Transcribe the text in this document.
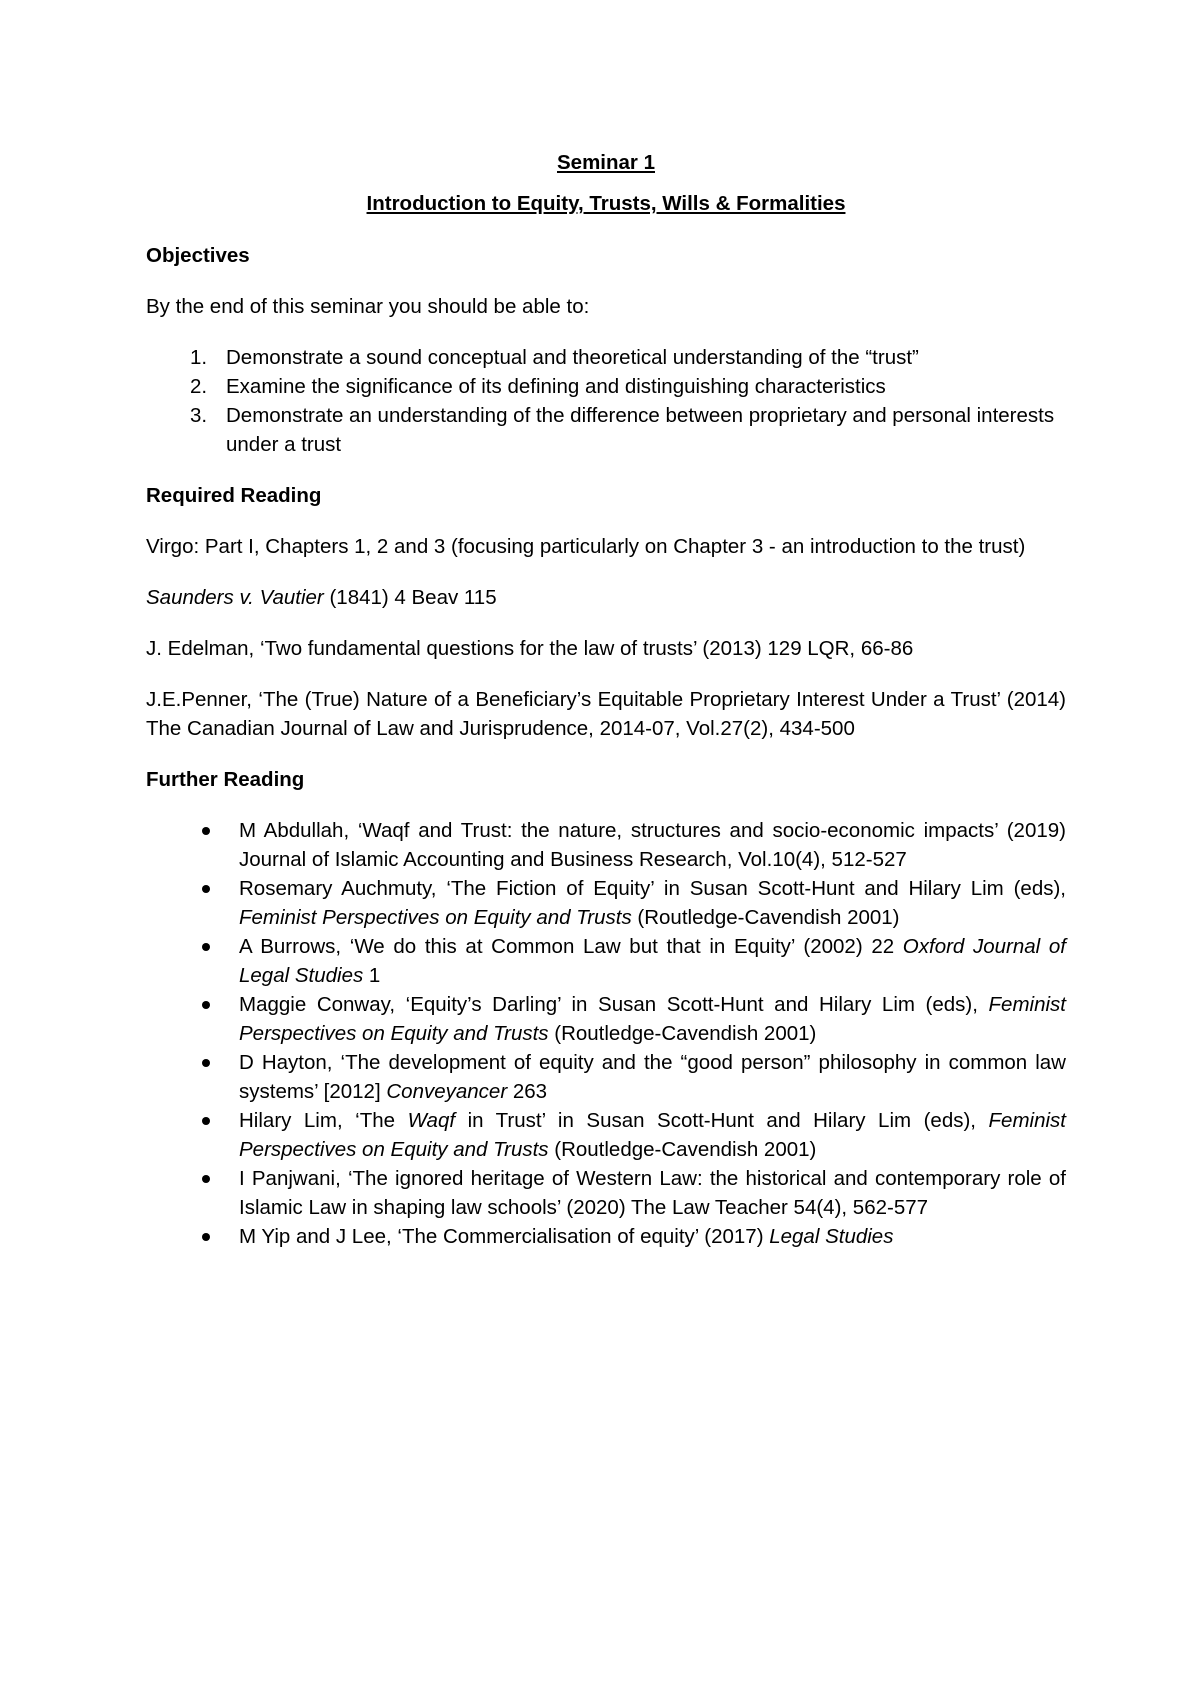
Seminar 1

Introduction to Equity, Trusts, Wills & Formalities

Objectives

By the end of this seminar you should be able to:

1. Demonstrate a sound conceptual and theoretical understanding of the “trust”
2. Examine the significance of its defining and distinguishing characteristics
3. Demonstrate an understanding of the difference between proprietary and personal interests under a trust

Required Reading

Virgo: Part I, Chapters 1, 2 and 3 (focusing particularly on Chapter 3 - an introduction to the trust)

Saunders v. Vautier (1841) 4 Beav 115

J. Edelman, ‘Two fundamental questions for the law of trusts’ (2013) 129 LQR, 66-86

J.E.Penner, ‘The (True) Nature of a Beneficiary’s Equitable Proprietary Interest Under a Trust’ (2014) The Canadian Journal of Law and Jurisprudence, 2014-07, Vol.27(2), 434-500

Further Reading

M Abdullah, ‘Waqf and Trust: the nature, structures and socio-economic impacts’ (2019) Journal of Islamic Accounting and Business Research, Vol.10(4), 512-527
Rosemary Auchmuty, ‘The Fiction of Equity’ in Susan Scott-Hunt and Hilary Lim (eds), Feminist Perspectives on Equity and Trusts (Routledge-Cavendish 2001)
A Burrows, ‘We do this at Common Law but that in Equity’ (2002) 22 Oxford Journal of Legal Studies 1
Maggie Conway, ‘Equity’s Darling’ in Susan Scott-Hunt and Hilary Lim (eds), Feminist Perspectives on Equity and Trusts (Routledge-Cavendish 2001)
D Hayton, ‘The development of equity and the “good person” philosophy in common law systems’ [2012] Conveyancer 263
Hilary Lim, ‘The Waqf in Trust’ in Susan Scott-Hunt and Hilary Lim (eds), Feminist Perspectives on Equity and Trusts (Routledge-Cavendish 2001)
I Panjwani, ‘The ignored heritage of Western Law: the historical and contemporary role of Islamic Law in shaping law schools’ (2020) The Law Teacher 54(4), 562-577
M Yip and J Lee, ‘The Commercialisation of equity’ (2017) Legal Studies
